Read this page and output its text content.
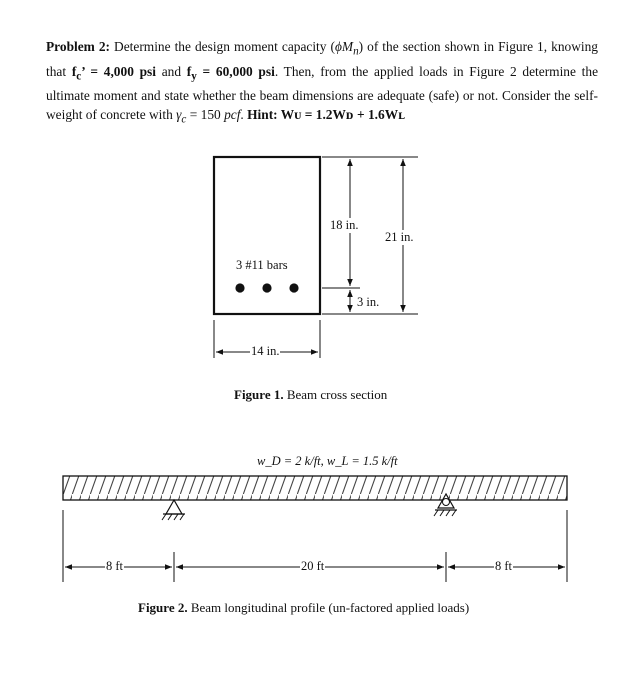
Problem 2: Determine the design moment capacity $(\phi M_n)$ of the section shown in Figure 1, knowing that $f_c$’ = 4,000 psi and $f_y = 60,000$ psi. Then, from the applied loads in Figure 2 determine the ultimate moment and state whether the beam dimensions are adequate (safe) or not. Consider the self-weight of concrete with $\gamma_c = 150$ pcf. Hint: Wᴜ = 1.2Wᴅ + 1.6Wʟ
18 in.
21 in.
3 #11 bars
3 in.
14 in.
Figure 1. Beam cross section
w_D = 2 k/ft, w_L = 1.5 k/ft
8 ft	20 ft	8 ft
Figure 2. Beam longitudinal profile (un-factored applied loads)
